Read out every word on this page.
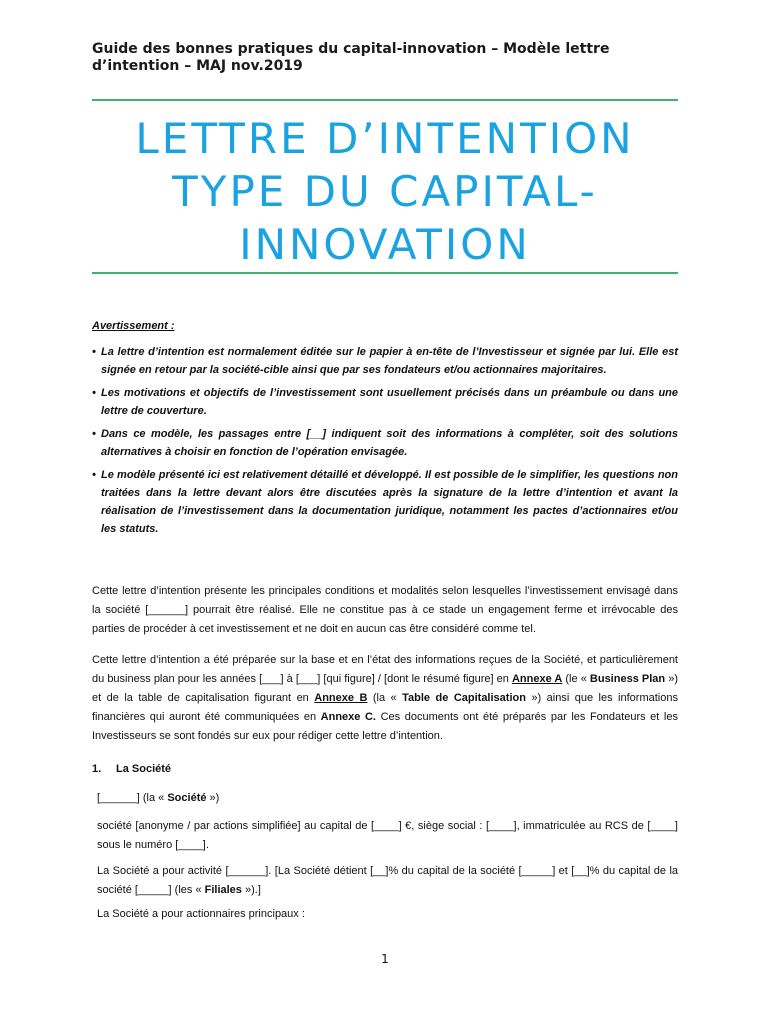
Guide des bonnes pratiques du capital-innovation – Modèle lettre d’intention – MAJ nov.2019
LETTRE D’INTENTION
TYPE DU CAPITAL-
INNOVATION
Avertissement :
• La lettre d’intention est normalement éditée sur le papier à en-tête de l’Investisseur et signée par lui. Elle est signée en retour par la société-cible ainsi que par ses fondateurs et/ou actionnaires majoritaires.
• Les motivations et objectifs de l’investissement sont usuellement précisés dans un préambule ou dans une lettre de couverture.
• Dans ce modèle, les passages entre [__] indiquent soit des informations à compléter, soit des solutions alternatives à choisir en fonction de l’opération envisagée.
• Le modèle présenté ici est relativement détaillé et développé. Il est possible de le simplifier, les questions non traitées dans la lettre devant alors être discutées après la signature de la lettre d’intention et avant la réalisation de l’investissement dans la documentation juridique, notamment les pactes d’actionnaires et/ou les statuts.
Cette lettre d’intention présente les principales conditions et modalités selon lesquelles l’investissement envisagé dans la société [______] pourrait être réalisé. Elle ne constitue pas à ce stade un engagement ferme et irrévocable des parties de procéder à cet investissement et ne doit en aucun cas être considéré comme tel.
Cette lettre d’intention a été préparée sur la base et en l’état des informations reçues de la Société, et particulièrement du business plan pour les années [___] à [___] [qui figure] / [dont le résumé figure] en Annexe A (le « Business Plan ») et de la table de capitalisation figurant en Annexe B (la « Table de Capitalisation ») ainsi que les informations financières qui auront été communiquées en Annexe C. Ces documents ont été préparés par les Fondateurs et les Investisseurs se sont fondés sur eux pour rédiger cette lettre d’intention.
1. La Société
[______] (la « Société »)
société [anonyme / par actions simplifiée] au capital de [____] €, siège social : [____], immatriculée au RCS de [____] sous le numéro [____].
La Société a pour activité [______]. [La Société détient [__]% du capital de la société [_____] et [__]% du capital de la société [_____] (les « Filiales »).]
La Société a pour actionnaires principaux :
1
